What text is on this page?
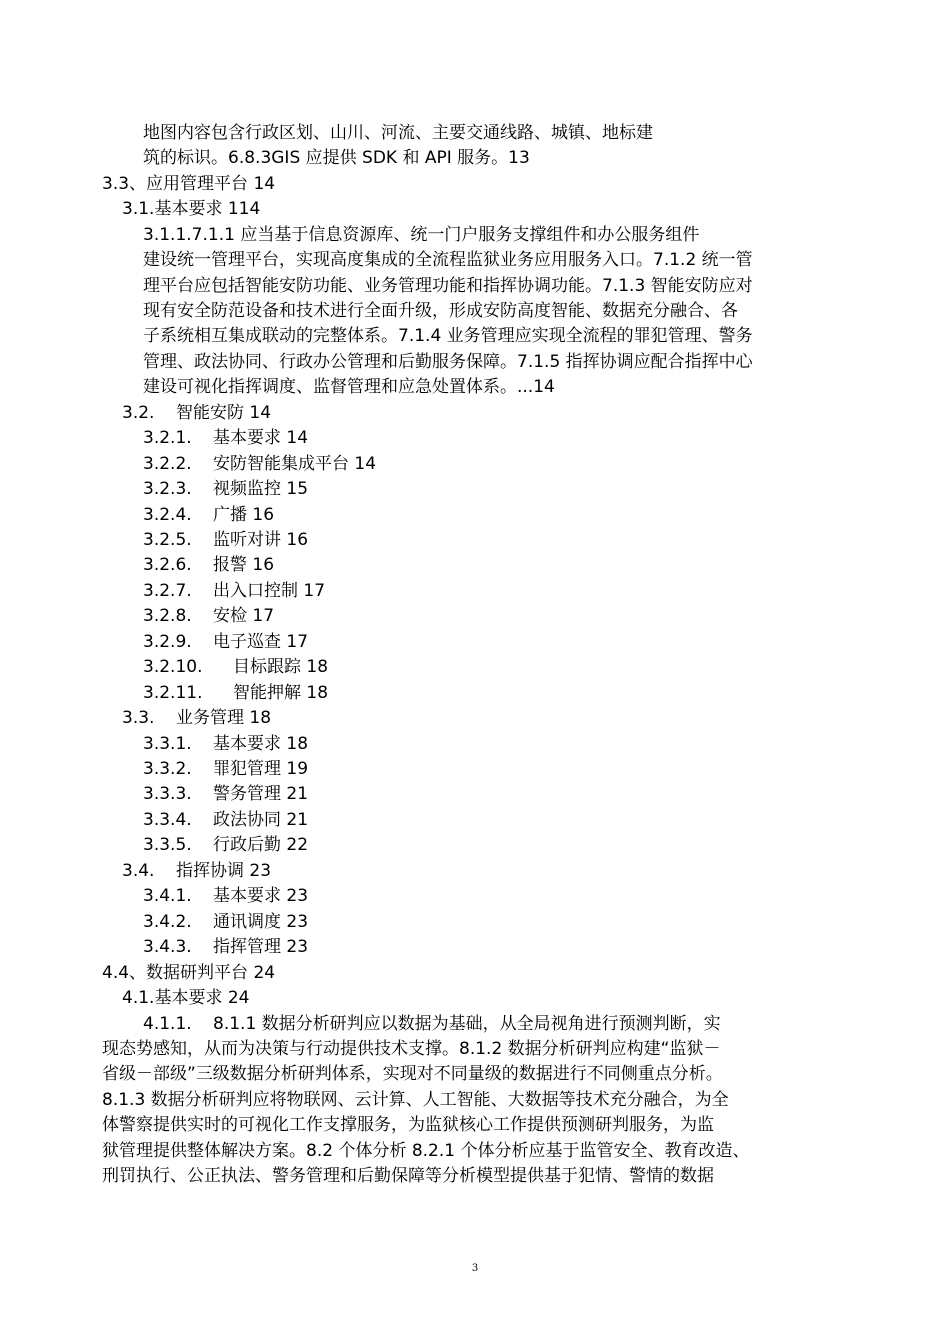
地图内容包含行政区划、山川、河流、主要交通线路、城镇、地标建
筑的标识。6.8.3GIS 应提供 SDK 和 API 服务。13
3.3、应用管理平台 14
3.1.基本要求 114
3.1.1.7.1.1 应当基于信息资源库、统一门户服务支撑组件和办公服务组件
建设统一管理平台，实现高度集成的全流程监狱业务应用服务入口。7.1.2 统一管
理平台应包括智能安防功能、业务管理功能和指挥协调功能。7.1.3 智能安防应对
现有安全防范设备和技术进行全面升级，形成安防高度智能、数据充分融合、各
子系统相互集成联动的完整体系。7.1.4 业务管理应实现全流程的罪犯管理、警务
管理、政法协同、行政办公管理和后勤服务保障。7.1.5 指挥协调应配合指挥中心
建设可视化指挥调度、监督管理和应急处置体系。...14
3.2. 智能安防 14
3.2.1. 基本要求 14
3.2.2. 安防智能集成平台 14
3.2.3. 视频监控 15
3.2.4. 广播 16
3.2.5. 监听对讲 16
3.2.6. 报警 16
3.2.7. 出入口控制 17
3.2.8. 安检 17
3.2.9. 电子巡查 17
3.2.10. 目标跟踪 18
3.2.11. 智能押解 18
3.3. 业务管理 18
3.3.1. 基本要求 18
3.3.2. 罪犯管理 19
3.3.3. 警务管理 21
3.3.4. 政法协同 21
3.3.5. 行政后勤 22
3.4. 指挥协调 23
3.4.1. 基本要求 23
3.4.2. 通讯调度 23
3.4.3. 指挥管理 23
4.4、数据研判平台 24
4.1.基本要求 24
4.1.1. 8.1.1 数据分析研判应以数据为基础，从全局视角进行预测判断，实
现态势感知，从而为决策与行动提供技术支撑。8.1.2 数据分析研判应构建“监狱－
省级－部级”三级数据分析研判体系，实现对不同量级的数据进行不同侧重点分析。
8.1.3 数据分析研判应将物联网、云计算、人工智能、大数据等技术充分融合，为全
体警察提供实时的可视化工作支撑服务，为监狱核心工作提供预测研判服务，为监
狱管理提供整体解决方案。8.2 个体分析 8.2.1 个体分析应基于监管安全、教育改造、
刑罚执行、公正执法、警务管理和后勤保障等分析模型提供基于犯情、警情的数据
3
